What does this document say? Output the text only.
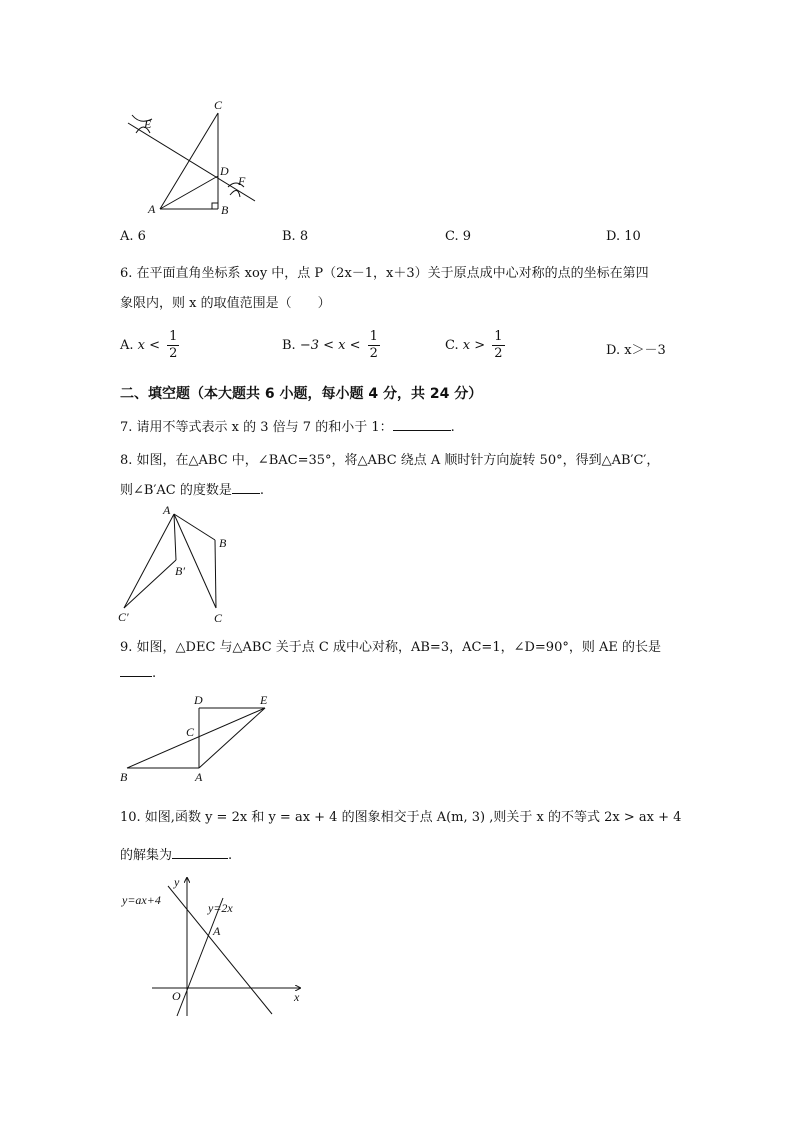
C
E
D
F
A	B
A. 6	B. 8	C. 9	D. 10
6. 在平面直角坐标系 xoy 中，点 P（2x－1，x＋3）关于原点成中心对称的点的坐标在第四
象限内，则 x 的取值范围是（　　）
A. $x < \frac{1}{2}$	B. $-3 < x < \frac{1}{2}$	C. $x > \frac{1}{2}$	D. x＞－3
二、填空题（本大题共 6 小题，每小题 4 分，共 24 分）
7. 请用不等式表示 x 的 3 倍与 7 的和小于 1：	.
8. 如图，在△ABC 中，∠BAC=35°，将△ABC 绕点 A 顺时针方向旋转 50°，得到△AB′C′，
则∠B′AC 的度数是 .
A
B
B′
C′	C
9. 如图，△DEC 与△ABC 关于点 C 成中心对称，AB=3，AC=1，∠D=90°，则 AE 的长是
.
D	E
C
B	A
10. 如图,函数 y = 2x 和 y = ax + 4 的图象相交于点 A(m, 3) ,则关于 x 的不等式 2x > ax + 4
的解集为	.
y
y=ax+4
y=2x
A
O	x
